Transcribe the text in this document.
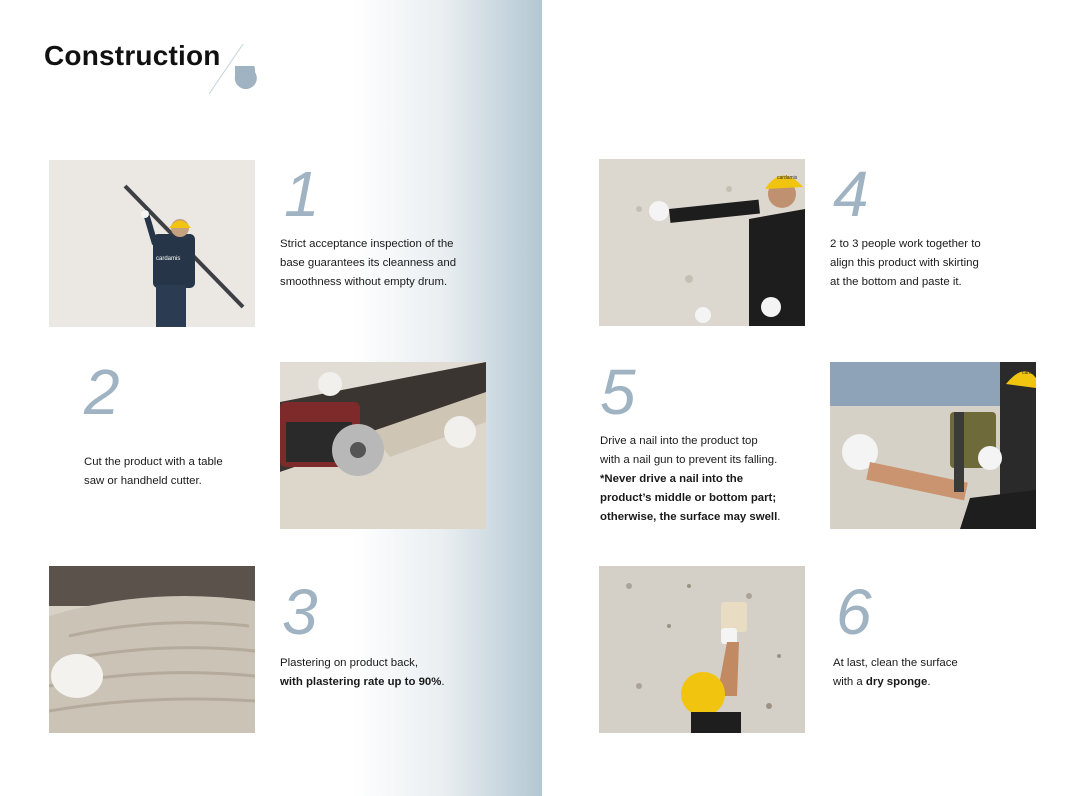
Construction
cardamis
1
Strict acceptance inspection of the
base guarantees its cleanness and
smoothness without empty drum.
2
Cut the product with a table
saw or handheld cutter.
3
Plastering on product back,
with plastering rate up to 90%.
cardamis 4
2 to 3 people work together to
align this product with skirting
at the bottom and paste it.
5
Drive a nail into the product top
with a nail gun to prevent its falling.
*Never drive a nail into the
product’s middle or bottom part;
otherwise, the surface may swell.
card
6
At last, clean the surface
with a dry sponge.
